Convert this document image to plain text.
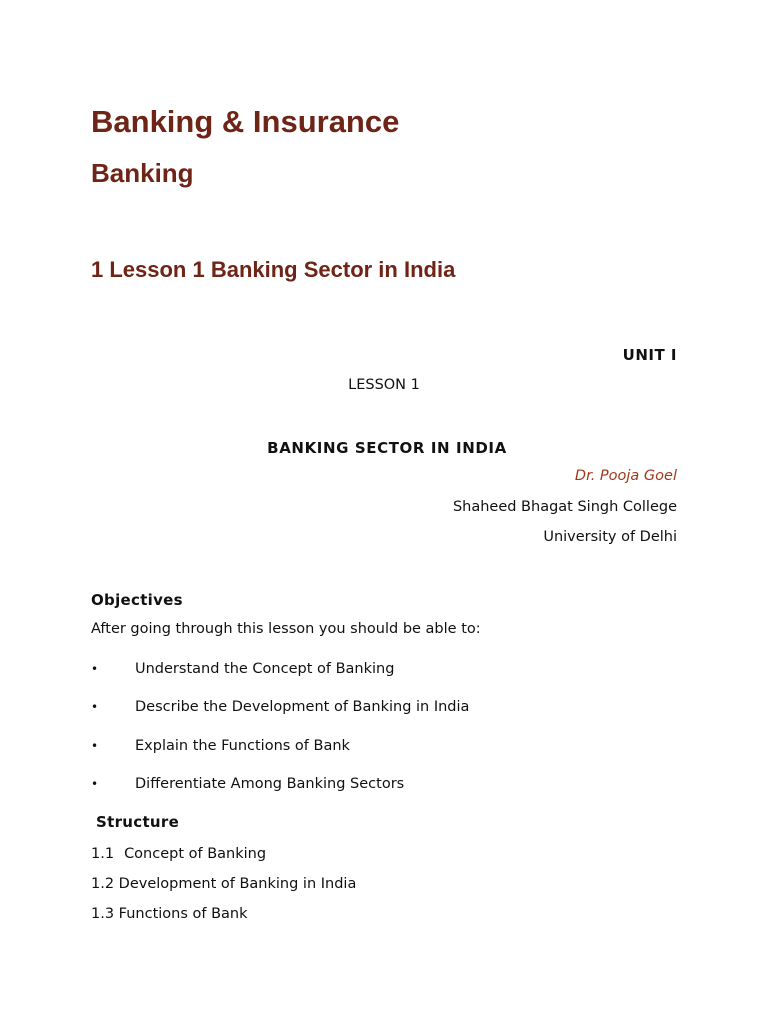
Banking & Insurance
Banking
1 Lesson 1 Banking Sector in India
UNIT I
LESSON 1
BANKING SECTOR IN INDIA
Dr. Pooja Goel
Shaheed Bhagat Singh College
University of Delhi
Objectives
After going through this lesson you should be able to:
•	Understand the Concept of Banking
•	Describe the Development of Banking in India
•	Explain the Functions of Bank
•	Differentiate Among Banking Sectors
Structure
1.1 Concept of Banking
1.2 Development of Banking in India
1.3 Functions of Bank
